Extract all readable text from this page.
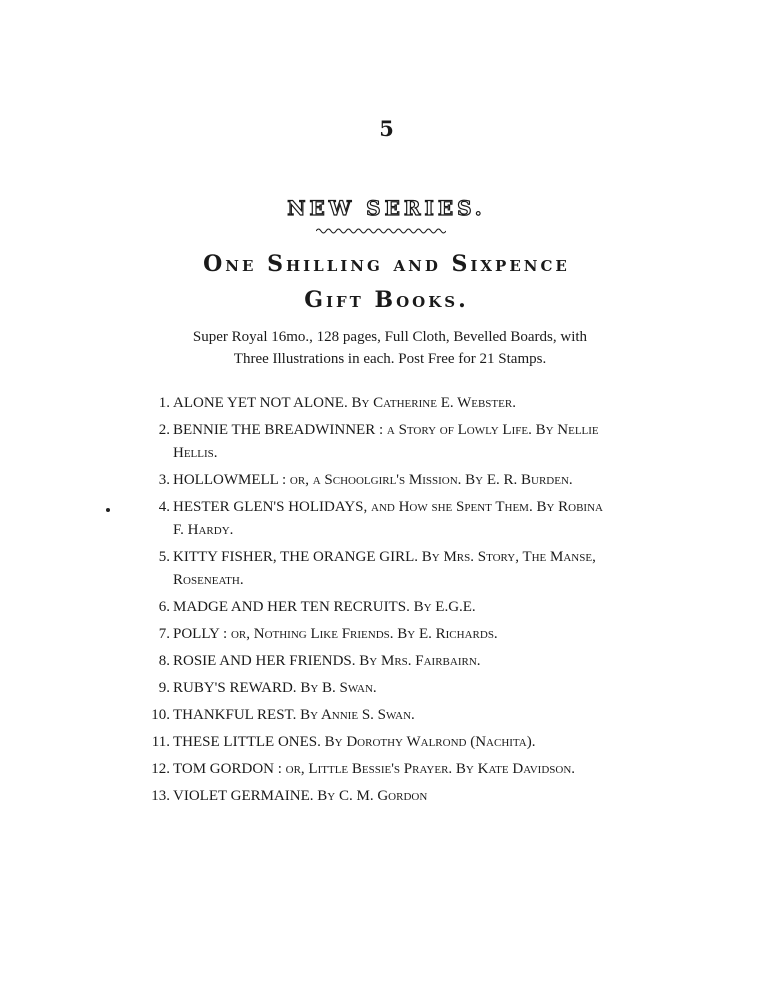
5
NEW SERIES.
One Shilling and Sixpence
Gift Books.
Super Royal 16mo., 128 pages, Full Cloth, Bevelled Boards, with
Three Illustrations in each. Post Free for 21 Stamps.
1. ALONE YET NOT ALONE. By Catherine E. Webster.
2. BENNIE THE BREADWINNER : a Story of Lowly Life. By Nellie Hellis.
3. HOLLOWMELL : or, a Schoolgirl's Mission. By E. R. Burden.
4. HESTER GLEN'S HOLIDAYS, and How she Spent Them. By Robina F. Hardy.
5. KITTY FISHER, THE ORANGE GIRL. By Mrs. Story, The Manse, Roseneath.
6. MADGE AND HER TEN RECRUITS. By E.G.E.
7. POLLY : or, Nothing Like Friends. By E. Richards.
8. ROSIE AND HER FRIENDS. By Mrs. Fairbairn.
9. RUBY'S REWARD. By B. Swan.
10. THANKFUL REST. By Annie S. Swan.
11. THESE LITTLE ONES. By Dorothy Walrond (Nachita).
12. TOM GORDON : or, Little Bessie's Prayer. By Kate Davidson.
13. VIOLET GERMAINE. By C. M. Gordon
